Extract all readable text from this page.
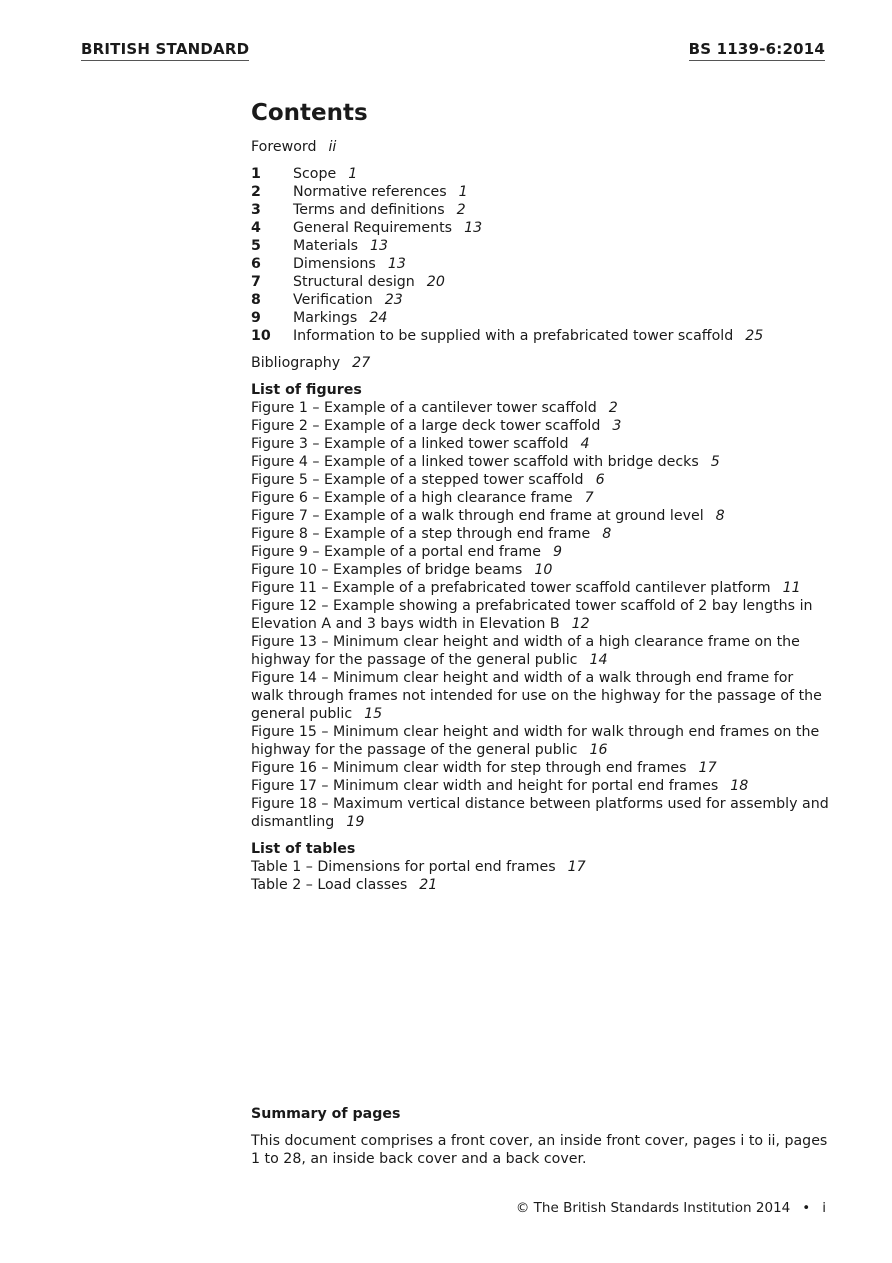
BRITISH STANDARD	BS 1139-6:2014
Contents
Foreword ii
1	Scope 1
2	Normative references 1
3	Terms and definitions 2
4	General Requirements 13
5	Materials 13
6	Dimensions 13
7	Structural design 20
8	Verification 23
9	Markings 24
10	Information to be supplied with a prefabricated tower scaffold 25
Bibliography 27
List of figures
Figure 1 – Example of a cantilever tower scaffold 2
Figure 2 – Example of a large deck tower scaffold 3
Figure 3 – Example of a linked tower scaffold 4
Figure 4 – Example of a linked tower scaffold with bridge decks 5
Figure 5 – Example of a stepped tower scaffold 6
Figure 6 – Example of a high clearance frame 7
Figure 7 – Example of a walk through end frame at ground level 8
Figure 8 – Example of a step through end frame 8
Figure 9 – Example of a portal end frame 9
Figure 10 – Examples of bridge beams 10
Figure 11 – Example of a prefabricated tower scaffold cantilever platform 11
Figure 12 – Example showing a prefabricated tower scaffold of 2 bay lengths in Elevation A and 3 bays width in Elevation B 12
Figure 13 – Minimum clear height and width of a high clearance frame on the highway for the passage of the general public 14
Figure 14 – Minimum clear height and width of a walk through end frame for walk through frames not intended for use on the highway for the passage of the general public 15
Figure 15 – Minimum clear height and width for walk through end frames on the highway for the passage of the general public 16
Figure 16 – Minimum clear width for step through end frames 17
Figure 17 – Minimum clear width and height for portal end frames 18
Figure 18 – Maximum vertical distance between platforms used for assembly and dismantling 19
List of tables
Table 1 – Dimensions for portal end frames 17
Table 2 – Load classes 21
Summary of pages
This document comprises a front cover, an inside front cover, pages i to ii, pages 1 to 28, an inside back cover and a back cover.
© The British Standards Institution 2014 • i
